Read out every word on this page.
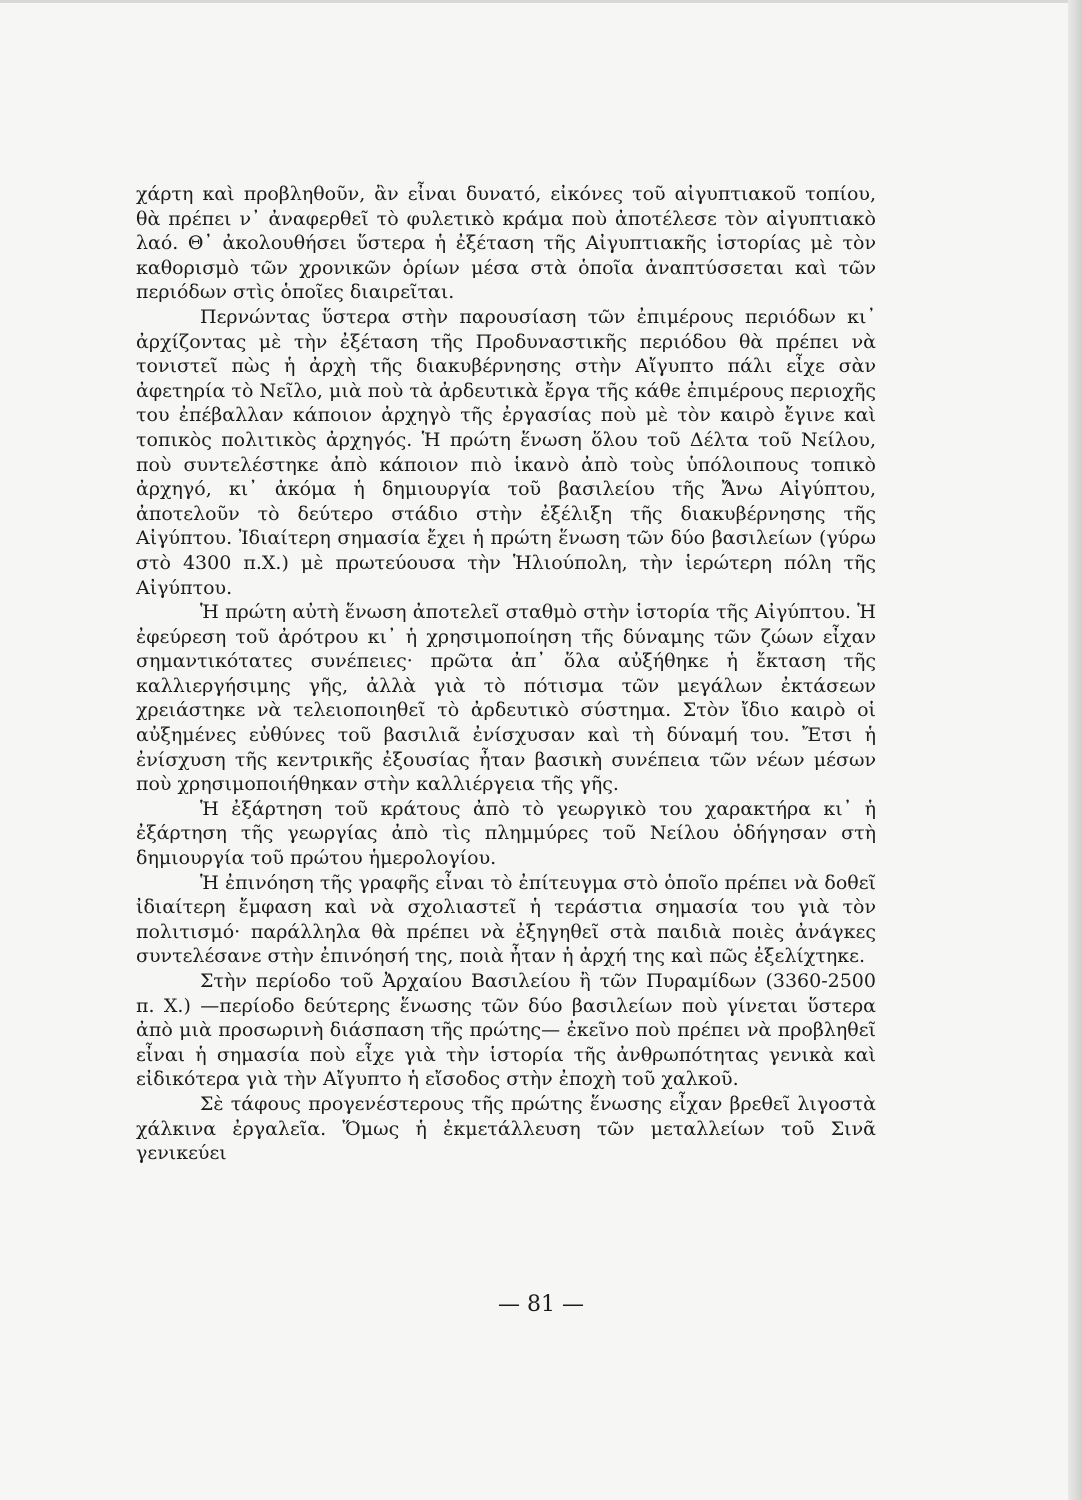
χάρτη καὶ προβληθοῦν, ἂν εἶναι δυνατό, εἰκόνες τοῦ αἰγυπτιακοῦ τοπίου, θὰ πρέπει ν᾿ ἀναφερθεῖ τὸ φυλετικὸ κράμα ποὺ ἀποτέλεσε τὸν αἰγυπτιακὸ λαό. Θ᾿ ἀκολουθήσει ὕστερα ἡ ἐξέταση τῆς Αἰγυπτιακῆς ἱστορίας μὲ τὸν καθορισμὸ τῶν χρονικῶν ὁρίων μέσα στὰ ὁποῖα ἀναπτύσσεται καὶ τῶν περιόδων στὶς ὁποῖες διαιρεῖται.

Περνώντας ὕστερα στὴν παρουσίαση τῶν ἐπιμέρους περιόδων κι᾿ ἀρχίζοντας μὲ τὴν ἐξέταση τῆς Προδυναστικῆς περιόδου θὰ πρέπει νὰ τονιστεῖ πὼς ἡ ἀρχὴ τῆς διακυβέρνησης στὴν Αἴγυπτο πάλι εἶχε σὰν ἀφετηρία τὸ Νεῖλο, μιὰ ποὺ τὰ ἀρδευτικὰ ἔργα τῆς κάθε ἐπιμέρους περιοχῆς του ἐπέβαλλαν κάποιον ἀρχηγὸ τῆς ἐργασίας ποὺ μὲ τὸν καιρὸ ἔγινε καὶ τοπικὸς πολιτικὸς ἀρχηγός. Ἡ πρώτη ἕνωση ὅλου τοῦ Δέλτα τοῦ Νείλου, ποὺ συντελέστηκε ἀπὸ κάποιον πιὸ ἱκανὸ ἀπὸ τοὺς ὑπόλοιπους τοπικὸ ἀρχηγό, κι᾿ ἀκόμα ἡ δημιουργία τοῦ βασιλείου τῆς Ἄνω Αἰγύπτου, ἀποτελοῦν τὸ δεύτερο στάδιο στὴν ἐξέλιξη τῆς διακυβέρνησης τῆς Αἰγύπτου. Ἰδιαίτερη σημασία ἔχει ἡ πρώτη ἕνωση τῶν δύο βασιλείων (γύρω στὸ 4300 π.Χ.) μὲ πρωτεύουσα τὴν Ἡλιούπολη, τὴν ἱερώτερη πόλη τῆς Αἰγύπτου.

Ἡ πρώτη αὐτὴ ἕνωση ἀποτελεῖ σταθμὸ στὴν ἱστορία τῆς Αἰγύπτου. Ἡ ἐφεύρεση τοῦ ἀρότρου κι᾿ ἡ χρησιμοποίηση τῆς δύναμης τῶν ζώων εἶχαν σημαντικότατες συνέπειες· πρῶτα ἀπ᾿ ὅλα αὐξήθηκε ἡ ἔκταση τῆς καλλιεργήσιμης γῆς, ἀλλὰ γιὰ τὸ πότισμα τῶν μεγάλων ἐκτάσεων χρειάστηκε νὰ τελειοποιηθεῖ τὸ ἀρδευτικὸ σύστημα. Στὸν ἴδιο καιρὸ οἱ αὐξημένες εὐθύνες τοῦ βασιλιᾶ ἐνίσχυσαν καὶ τὴ δύναμή του. Ἔτσι ἡ ἐνίσχυση τῆς κεντρικῆς ἐξουσίας ἦταν βασικὴ συνέπεια τῶν νέων μέσων ποὺ χρησιμοποιήθηκαν στὴν καλλιέργεια τῆς γῆς.

Ἡ ἐξάρτηση τοῦ κράτους ἀπὸ τὸ γεωργικὸ του χαρακτήρα κι᾿ ἡ ἐξάρτηση τῆς γεωργίας ἀπὸ τὶς πλημμύρες τοῦ Νείλου ὁδήγησαν στὴ δημιουργία τοῦ πρώτου ἡμερολογίου.

Ἡ ἐπινόηση τῆς γραφῆς εἶναι τὸ ἐπίτευγμα στὸ ὁποῖο πρέπει νὰ δοθεῖ ἰδιαίτερη ἔμφαση καὶ νὰ σχολιαστεῖ ἡ τεράστια σημασία του γιὰ τὸν πολιτισμό· παράλληλα θὰ πρέπει νὰ ἐξηγηθεῖ στὰ παιδιὰ ποιὲς ἀνάγκες συντελέσανε στὴν ἐπινόησή της, ποιὰ ἦταν ἡ ἀρχή της καὶ πῶς ἐξελίχτηκε.

Στὴν περίοδο τοῦ Ἀρχαίου Βασιλείου ἢ τῶν Πυραμίδων (3360-2500 π. Χ.) —περίοδο δεύτερης ἕνωσης τῶν δύο βασιλείων ποὺ γίνεται ὕστερα ἀπὸ μιὰ προσωρινὴ διάσπαση τῆς πρώτης— ἐκεῖνο ποὺ πρέπει νὰ προβληθεῖ εἶναι ἡ σημασία ποὺ εἶχε γιὰ τὴν ἱστορία τῆς ἀνθρωπότητας γενικὰ καὶ εἰδικότερα γιὰ τὴν Αἴγυπτο ἡ εἴσοδος στὴν ἐποχὴ τοῦ χαλκοῦ.

Σὲ τάφους προγενέστερους τῆς πρώτης ἕνωσης εἶχαν βρεθεῖ λιγοστὰ χάλκινα ἐργαλεῖα. Ὅμως ἡ ἐκμετάλλευση τῶν μεταλλείων τοῦ Σινᾶ γενικεύει

— 81 —
